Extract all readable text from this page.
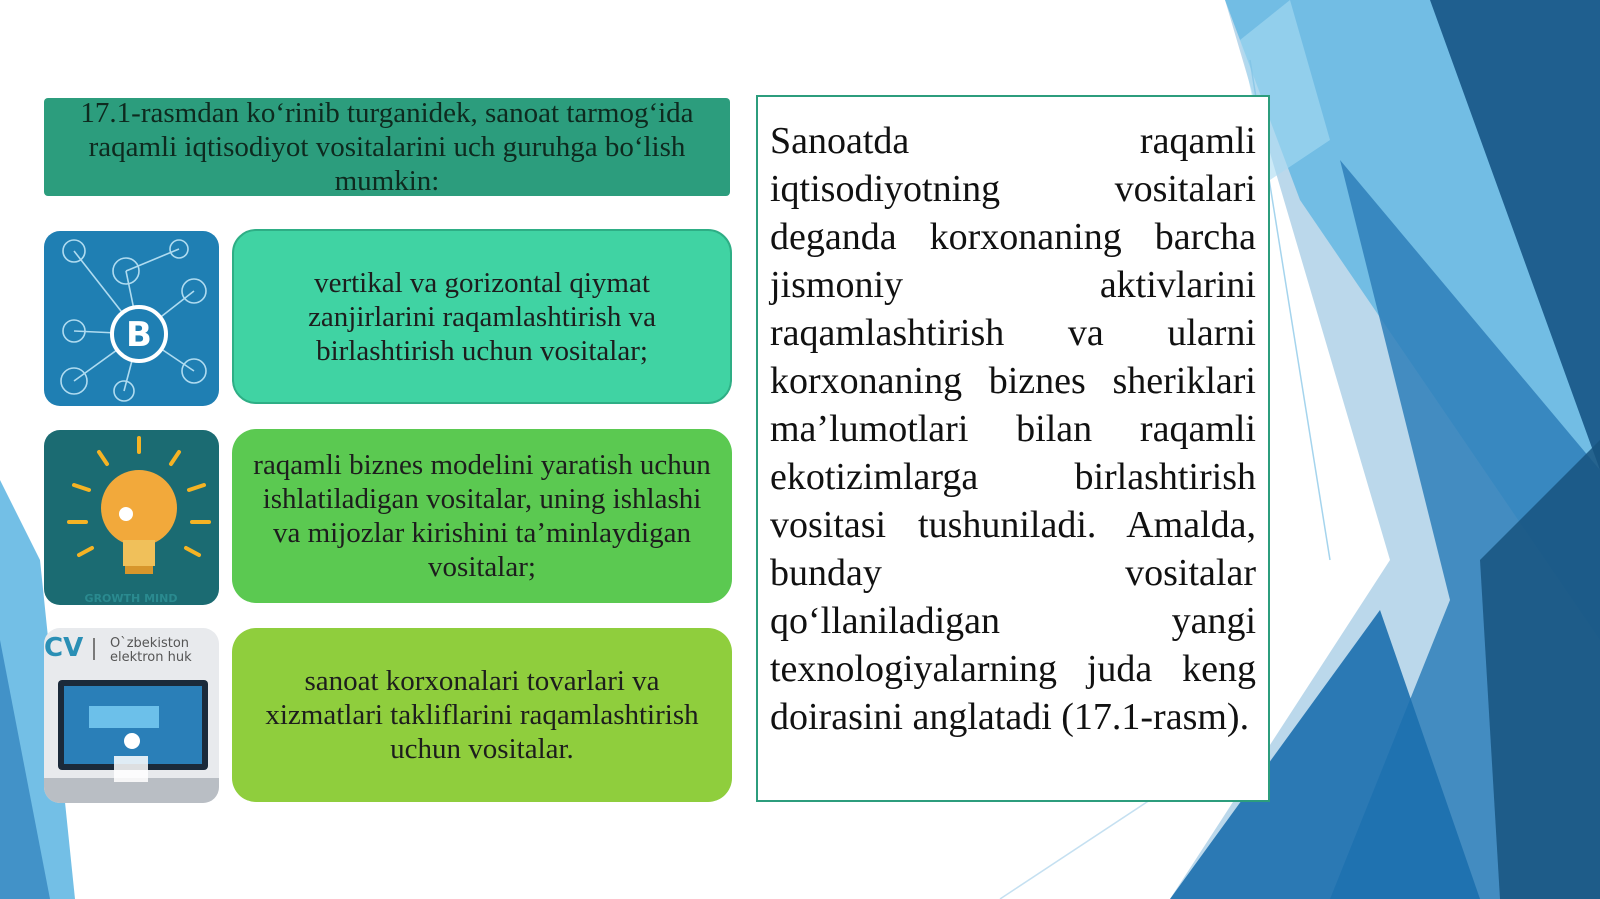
17.1-rasmdan ko‘rinib turganidek, sanoat tarmog‘ida raqamli iqtisodiyot vositalarini uch guruhga bo‘lish mumkin:
B
GROWTH MIND
CV O`zbekiston
elektron huk
vertikal va gorizontal qiymat zanjirlarini raqamlashtirish va birlashtirish uchun vositalar;
raqamli biznes modelini yaratish uchun ishlatiladigan vositalar, uning ishlashi va mijozlar kirishini ta’minlaydigan vositalar;
sanoat korxonalari tovarlari va xizmatlari takliflarini raqamlashtirish uchun vositalar.

Sanoatda raqamli iqtisodiyotning vositalari deganda korxonaning barcha jismoniy aktivlarini raqamlashtirish va ularni korxonaning biznes sheriklari ma’lumotlari bilan raqamli ekotizimlarga birlashtirish vositasi tushuniladi. Amalda, bunday vositalar qo‘llaniladigan yangi texnologiyalarning juda keng doirasini anglatadi (17.1-rasm).
